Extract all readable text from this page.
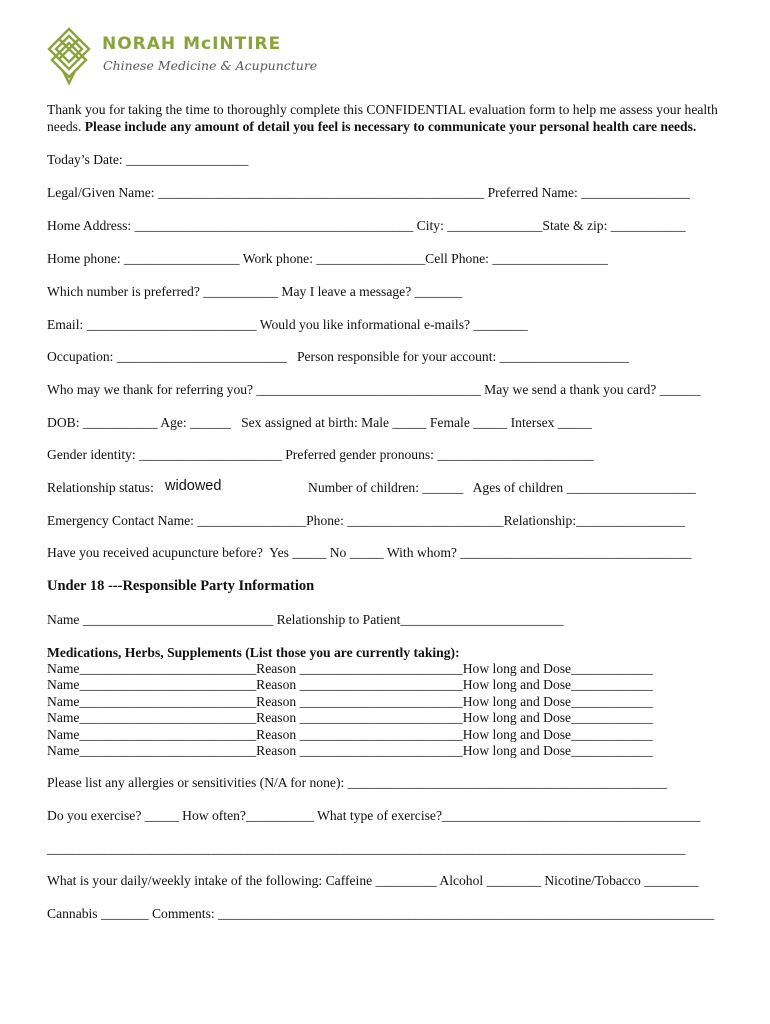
NORAH McINTIRE
Chinese Medicine & Acupuncture
Thank you for taking the time to thoroughly complete this CONFIDENTIAL evaluation form to help me assess your health needs. Please include any amount of detail you feel is necessary to communicate your personal health care needs.
Today’s Date: __________________
Legal/Given Name: ________________________________________________ Preferred Name: ________________
Home Address: _________________________________________ City: ______________State & zip: ___________
Home phone: _________________ Work phone: ________________Cell Phone: _________________
Which number is preferred? ___________ May I leave a message? _______
Email: _________________________ Would you like informational e-mails? ________
Occupation: _________________________   Person responsible for your account: ___________________
Who may we thank for referring you? _________________________________ May we send a thank you card? ______
DOB: ___________ Age: ______   Sex assigned at birth: Male _____ Female _____ Intersex _____
Gender identity: _____________________ Preferred gender pronouns: _______________________
Relationship status: widowed	Number of children: ______   Ages of children ___________________
Emergency Contact Name: ________________Phone: _______________________Relationship:________________
Have you received acupuncture before?  Yes _____ No _____ With whom? __________________________________
Under 18 ---Responsible Party Information
Name ____________________________ Relationship to Patient________________________
Medications, Herbs, Supplements (List those you are currently taking):
Name__________________________Reason ________________________How long and Dose____________
Name__________________________Reason ________________________How long and Dose____________
Name__________________________Reason ________________________How long and Dose____________
Name__________________________Reason ________________________How long and Dose____________
Name__________________________Reason ________________________How long and Dose____________
Name__________________________Reason ________________________How long and Dose____________
Please list any allergies or sensitivities (N/A for none): _______________________________________________
Do you exercise? _____ How often?__________ What type of exercise?______________________________________
___________________________________________________________________________________________________
What is your daily/weekly intake of the following: Caffeine _________ Alcohol ________ Nicotine/Tobacco ________
Cannabis _______ Comments: _________________________________________________________________________
